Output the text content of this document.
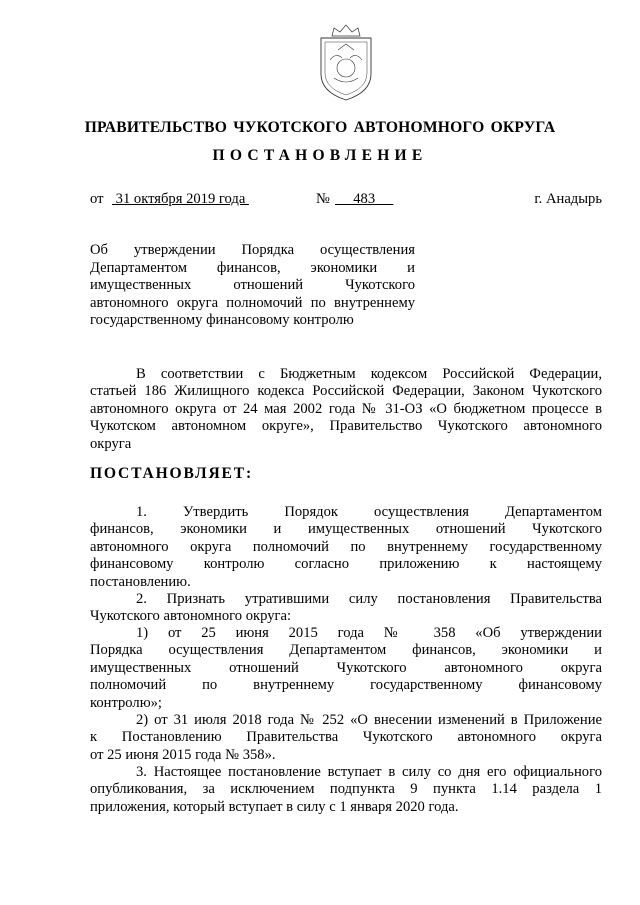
ПРАВИТЕЛЬСТВО ЧУКОТСКОГО АВТОНОМНОГО ОКРУГА
ПОСТАНОВЛЕНИЕ
от 31 октября 2019 года	№ 483	г. Анадырь
Об утверждении Порядка осуществления
Департаментом финансов, экономики и
имущественных отношений Чукотского
автономного округа полномочий по внутреннему
государственному финансовому контролю
В соответствии с Бюджетным кодексом Российской Федерации,
статьей 186 Жилищного кодекса Российской Федерации, Законом Чукотского
автономного округа от 24 мая 2002 года № 31-ОЗ «О бюджетном процессе в
Чукотском автономном округе», Правительство Чукотского автономного
округа
ПОСТАНОВЛЯЕТ:
1. Утвердить Порядок осуществления Департаментом
финансов, экономики и имущественных отношений Чукотского
автономного округа полномочий по внутреннему государственному
финансовому контролю согласно приложению к настоящему
постановлению.
2. Признать утратившими силу постановления Правительства
Чукотского автономного округа:
1) от 25 июня 2015 года № 358 «Об утверждении
Порядка осуществления Департаментом финансов, экономики и
имущественных отношений Чукотского автономного округа
полномочий по внутреннему государственному финансовому
контролю»;
2) от 31 июля 2018 года № 252 «О внесении изменений в Приложение
к Постановлению Правительства Чукотского автономного округа
от 25 июня 2015 года № 358».
3. Настоящее постановление вступает в силу со дня его официального
опубликования, за исключением подпункта 9 пункта 1.14 раздела 1
приложения, который вступает в силу с 1 января 2020 года.
